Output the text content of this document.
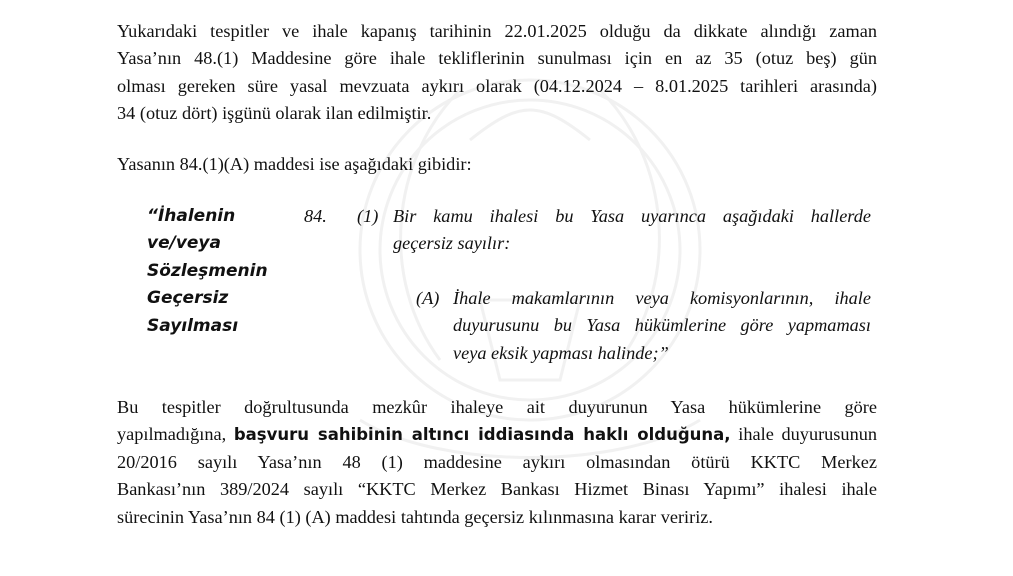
Yukarıdaki tespitler ve ihale kapanış tarihinin 22.01.2025 olduğu da dikkate alındığı zaman
Yasa’nın 48.(1) Maddesine göre ihale tekliflerinin sunulması için en az 35 (otuz beş) gün
olması gereken süre yasal mevzuata aykırı olarak (04.12.2024 – 8.01.2025 tarihleri arasında)
34 (otuz dört) işgünü olarak ilan edilmiştir.
Yasanın 84.(1)(A) maddesi ise aşağıdaki gibidir:
“İhalenin
ve/veya
Sözleşmenin
Geçersiz
Sayılması
84. (1) Bir kamu ihalesi bu Yasa uyarınca aşağıdaki hallerde
geçersiz sayılır:
(A) İhale makamlarının veya komisyonlarının, ihale
duyurusunu bu Yasa hükümlerine göre yapmaması
veya eksik yapması halinde;”
Bu tespitler doğrultusunda mezkûr ihaleye ait duyurunun Yasa hükümlerine göre
yapılmadığına, başvuru sahibinin altıncı iddiasında haklı olduğuna, ihale duyurusunun
20/2016 sayılı Yasa’nın 48 (1) maddesine aykırı olmasından ötürü KKTC Merkez
Bankası’nın 389/2024 sayılı “KKTC Merkez Bankası Hizmet Binası Yapımı” ihalesi ihale
sürecinin Yasa’nın 84 (1) (A) maddesi tahtında geçersiz kılınmasına karar veririz.
